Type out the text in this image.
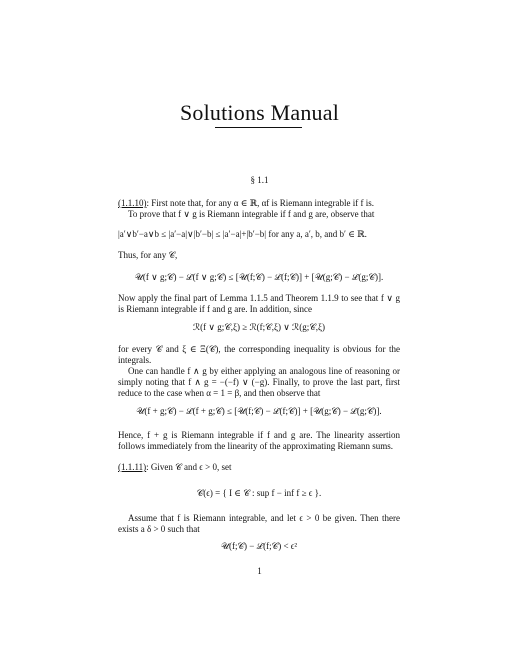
Solutions Manual
§ 1.1
(1.1.10): First note that, for any α ∈ ℝ, αf is Riemann integrable if f is.
To prove that f ∨ g is Riemann integrable if f and g are, observe that
|a′∨b′−a∨b ≤ |a′−a|∨|b′−b| ≤ |a′−a|+|b′−b| for any a, a′, b, and b′ ∈ ℝ.
Thus, for any 𝒞,
𝒰(f ∨ g;𝒞) − ℒ(f ∨ g;𝒞) ≤ [𝒰(f;𝒞) − ℒ(f;𝒞)] + [𝒰(g;𝒞) − ℒ(g;𝒞)].
Now apply the final part of Lemma 1.1.5 and Theorem 1.1.9 to see that f ∨ g is Riemann integrable if f and g are. In addition, since
ℛ(f ∨ g;𝒞,ξ) ≥ ℛ(f;𝒞,ξ) ∨ ℛ(g;𝒞,ξ)
for every 𝒞 and ξ ∈ Ξ(𝒞), the corresponding inequality is obvious for the integrals.
One can handle f ∧ g by either applying an analogous line of reasoning or simply noting that f ∧ g = −(−f) ∨ (−g). Finally, to prove the last part, first reduce to the case when α = 1 = β, and then observe that
𝒰(f + g;𝒞) − ℒ(f + g;𝒞) ≤ [𝒰(f;𝒞) − ℒ(f;𝒞)] + [𝒰(g;𝒞) − ℒ(g;𝒞)].
Hence, f + g is Riemann integrable if f and g are. The linearity assertion follows immediately from the linearity of the approximating Riemann sums.
(1.1.11): Given 𝒞 and ϵ > 0, set
𝒞(ϵ) = { I ∈ 𝒞 : sup f − inf f ≥ ϵ }.
Assume that f is Riemann integrable, and let ϵ > 0 be given. Then there exists a δ > 0 such that
𝒰(f;𝒞) − ℒ(f;𝒞) < ϵ²
1
